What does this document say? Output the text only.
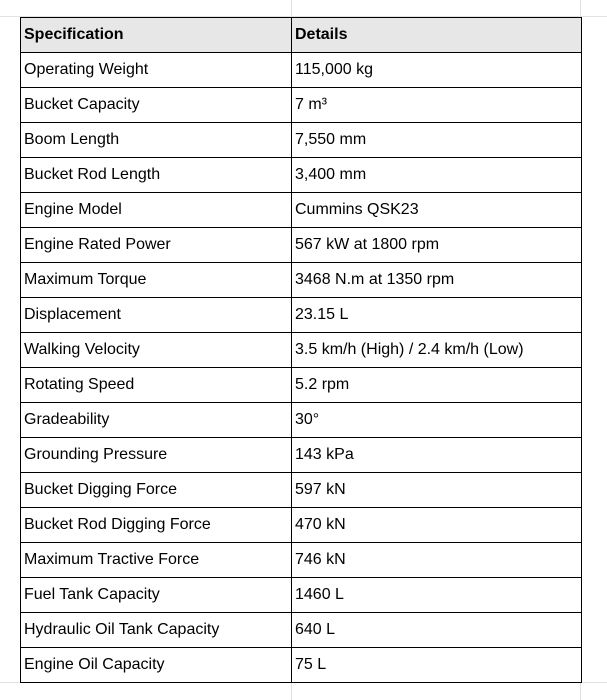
Specification	Details
Operating Weight	115,000 kg
Bucket Capacity	7 m³
Boom Length	7,550 mm
Bucket Rod Length	3,400 mm
Engine Model	Cummins QSK23
Engine Rated Power	567 kW at 1800 rpm
Maximum Torque	3468 N.m at 1350 rpm
Displacement	23.15 L
Walking Velocity	3.5 km/h (High) / 2.4 km/h (Low)
Rotating Speed	5.2 rpm
Gradeability	30°
Grounding Pressure	143 kPa
Bucket Digging Force	597 kN
Bucket Rod Digging Force	470 kN
Maximum Tractive Force	746 kN
Fuel Tank Capacity	1460 L
Hydraulic Oil Tank Capacity	640 L
Engine Oil Capacity	75 L
